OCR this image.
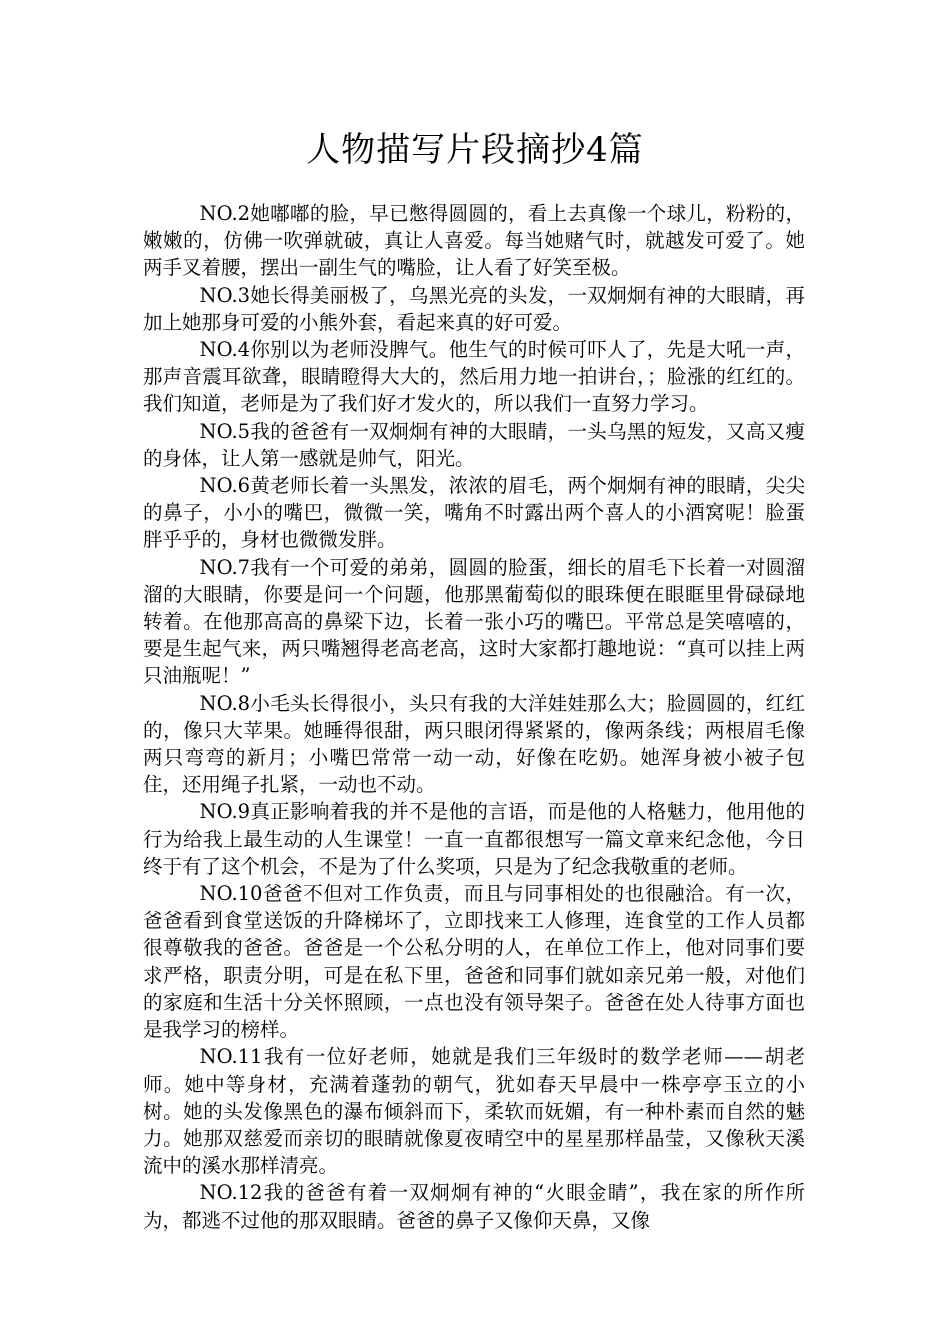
人物描写片段摘抄4篇

NO.2她嘟嘟的脸，早已憋得圆圆的，看上去真像一个球儿，粉粉的，嫩嫩的，仿佛一吹弹就破，真让人喜爱。每当她赌气时，就越发可爱了。她两手叉着腰，摆出一副生气的嘴脸，让人看了好笑至极。

NO.3她长得美丽极了，乌黑光亮的头发，一双炯炯有神的大眼睛，再加上她那身可爱的小熊外套，看起来真的好可爱。

NO.4你别以为老师没脾气。他生气的时候可吓人了，先是大吼一声，那声音震耳欲聋，眼睛瞪得大大的，然后用力地一拍讲台，；脸涨的红红的。我们知道，老师是为了我们好才发火的，所以我们一直努力学习。

NO.5我的爸爸有一双炯炯有神的大眼睛，一头乌黑的短发，又高又瘦的身体，让人第一感就是帅气，阳光。

NO.6黄老师长着一头黑发，浓浓的眉毛，两个炯炯有神的眼睛，尖尖的鼻子，小小的嘴巴，微微一笑，嘴角不时露出两个喜人的小酒窝呢！脸蛋胖乎乎的，身材也微微发胖。

NO.7我有一个可爱的弟弟，圆圆的脸蛋，细长的眉毛下长着一对圆溜溜的大眼睛，你要是问一个问题，他那黑葡萄似的眼珠便在眼眶里骨碌碌地转着。在他那高高的鼻梁下边，长着一张小巧的嘴巴。平常总是笑嘻嘻的，要是生起气来，两只嘴翘得老高老高，这时大家都打趣地说：“真可以挂上两只油瓶呢！”

NO.8小毛头长得很小，头只有我的大洋娃娃那么大；脸圆圆的，红红的，像只大苹果。她睡得很甜，两只眼闭得紧紧的，像两条线；两根眉毛像两只弯弯的新月；小嘴巴常常一动一动，好像在吃奶。她浑身被小被子包住，还用绳子扎紧，一动也不动。

NO.9真正影响着我的并不是他的言语，而是他的人格魅力，他用他的行为给我上最生动的人生课堂！一直一直都很想写一篇文章来纪念他，今日终于有了这个机会，不是为了什么奖项，只是为了纪念我敬重的老师。

NO.10爸爸不但对工作负责，而且与同事相处的也很融洽。有一次，爸爸看到食堂送饭的升降梯坏了，立即找来工人修理，连食堂的工作人员都很尊敬我的爸爸。爸爸是一个公私分明的人，在单位工作上，他对同事们要求严格，职责分明，可是在私下里，爸爸和同事们就如亲兄弟一般，对他们的家庭和生活十分关怀照顾，一点也没有领导架子。爸爸在处人待事方面也是我学习的榜样。

NO.11我有一位好老师，她就是我们三年级时的数学老师——胡老师。她中等身材，充满着蓬勃的朝气，犹如春天早晨中一株亭亭玉立的小树。她的头发像黑色的瀑布倾斜而下，柔软而妩媚，有一种朴素而自然的魅力。她那双慈爱而亲切的眼睛就像夏夜晴空中的星星那样晶莹，又像秋天溪流中的溪水那样清亮。

NO.12我的爸爸有着一双炯炯有神的“火眼金睛”，我在家的所作所为，都逃不过他的那双眼睛。爸爸的鼻子又像仰天鼻，又像
